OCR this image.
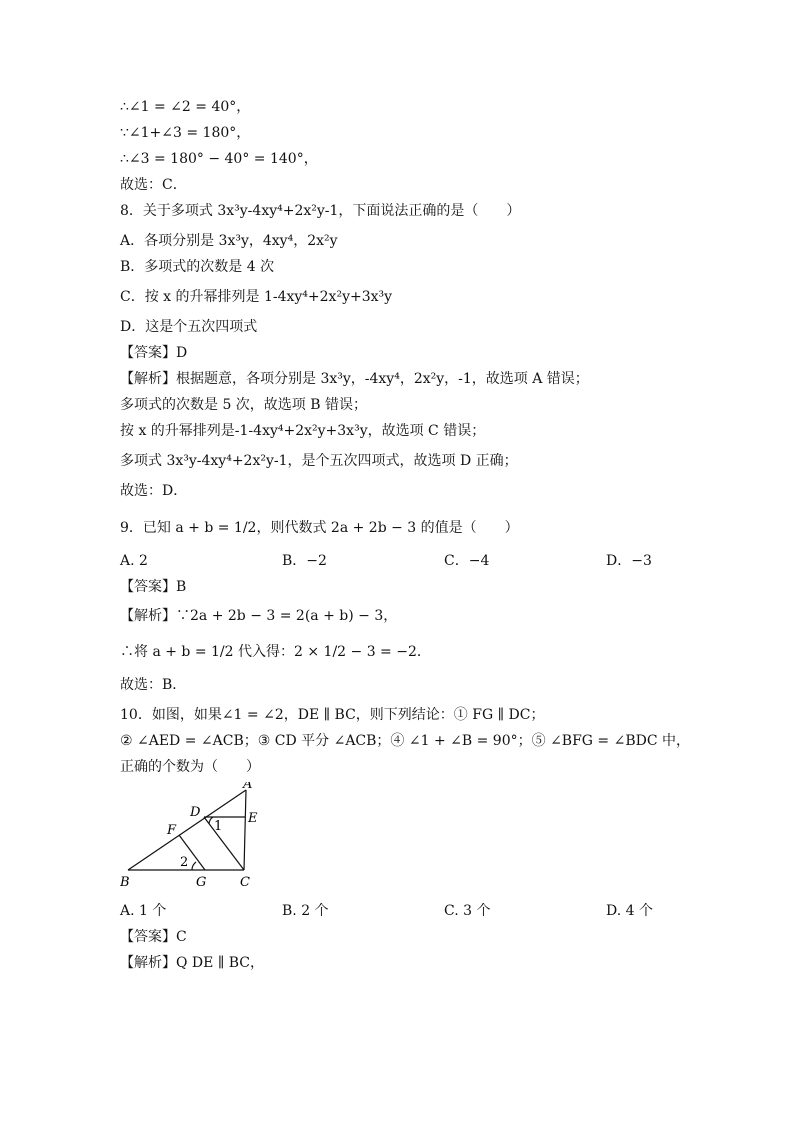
∴∠1 = ∠2 = 40°，
∵∠1+∠3 = 180°，
∴∠3 = 180° − 40° = 140°，
故选：C．
8．关于多项式 3x³y-4xy⁴+2x²y-1，下面说法正确的是（　　）
A．各项分别是 3x³y，4xy⁴，2x²y
B．多项式的次数是 4 次
C．按 x 的升幂排列是 1-4xy⁴+2x²y+3x³y
D．这是个五次四项式
【答案】D
【解析】根据题意，各项分别是 3x³y，-4xy⁴，2x²y，-1，故选项 A 错误；
多项式的次数是 5 次，故选项 B 错误；
按 x 的升幂排列是-1-4xy⁴+2x²y+3x³y，故选项 C 错误；
多项式 3x³y-4xy⁴+2x²y-1，是个五次四项式，故选项 D 正确；
故选：D．
9．已知 a + b = 1/2，则代数式 2a + 2b − 3 的值是（　　）
A. 2	B．−2	C．−4	D．−3
【答案】B
【解析】∵2a + 2b − 3 = 2(a + b) − 3，
∴将 a + b = 1/2 代入得：2 × 1/2 − 3 = −2．
故选：B．
10．如图，如果∠1 = ∠2，DE ∥ BC，则下列结论：① FG ∥ DC；
② ∠AED = ∠ACB；③ CD 平分 ∠ACB；④ ∠1 + ∠B = 90°；⑤ ∠BFG = ∠BDC 中，
正确的个数为（　　）
A
B	C
D	E
F
G
1
2
A. 1 个	B. 2 个	C. 3 个	D. 4 个
【答案】C
【解析】Q DE ∥ BC，
